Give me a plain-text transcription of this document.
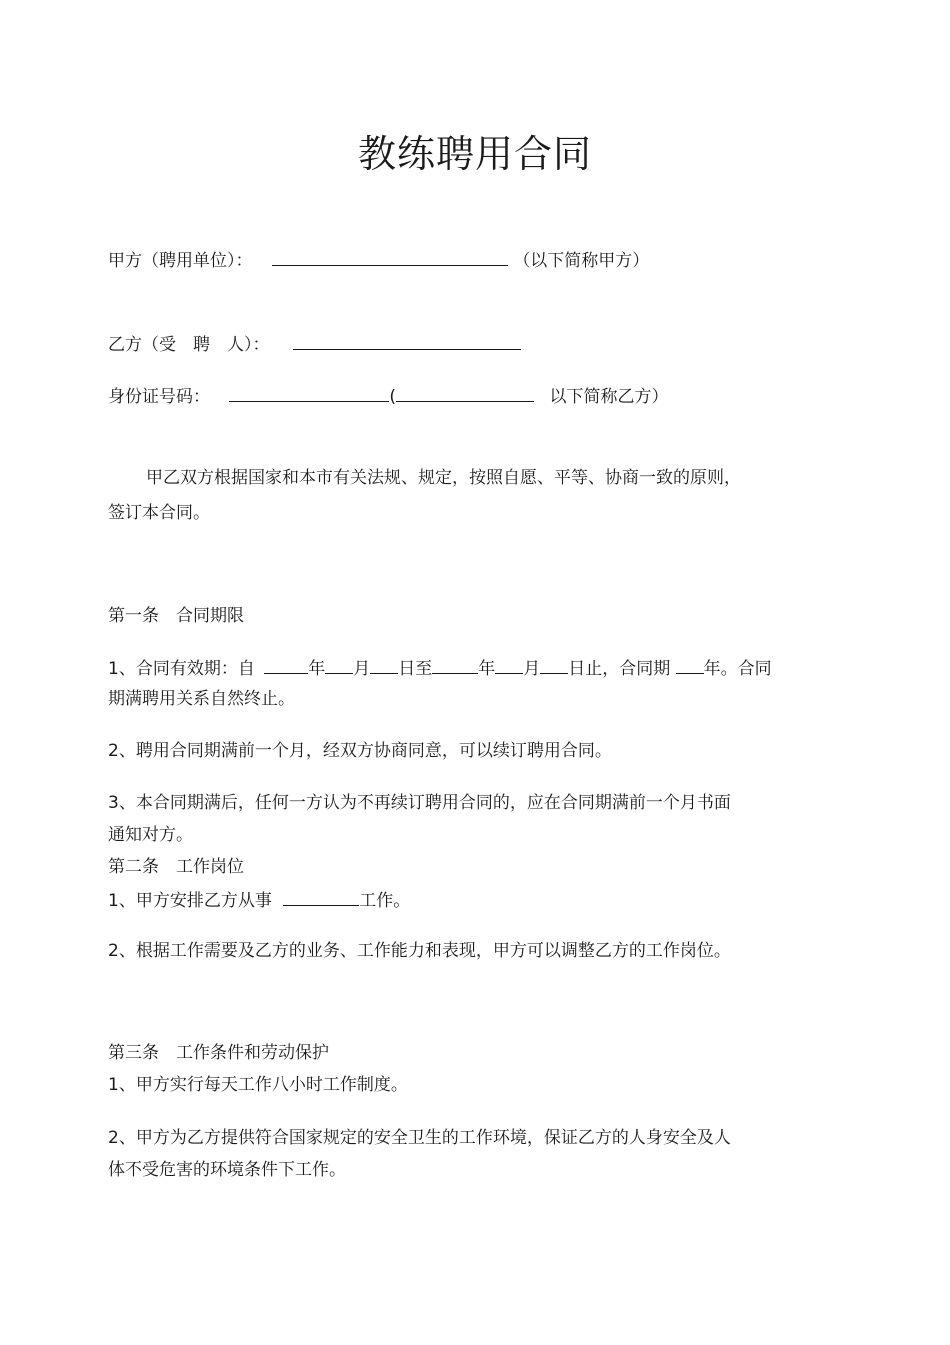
教练聘用合同
甲方（聘用单位）：	（以下简称甲方）
乙方（受　聘　人）：
身份证号码：	(	以下简称乙方）
甲乙双方根据国家和本市有关法规、规定，按照自愿、平等、协商一致的原则，
签订本合同。
第一条　合同期限
1、合同有效期：自	年 月 日至	年 月 日止，合同期 年。合同
期满聘用关系自然终止。
2、聘用合同期满前一个月，经双方协商同意，可以续订聘用合同。
3、本合同期满后，任何一方认为不再续订聘用合同的，应在合同期满前一个月书面
通知对方。
第二条　工作岗位
1、甲方安排乙方从事	工作。
2、根据工作需要及乙方的业务、工作能力和表现，甲方可以调整乙方的工作岗位。
第三条　工作条件和劳动保护
1、甲方实行每天工作八小时工作制度。
2、甲方为乙方提供符合国家规定的安全卫生的工作环境，保证乙方的人身安全及人
体不受危害的环境条件下工作。
